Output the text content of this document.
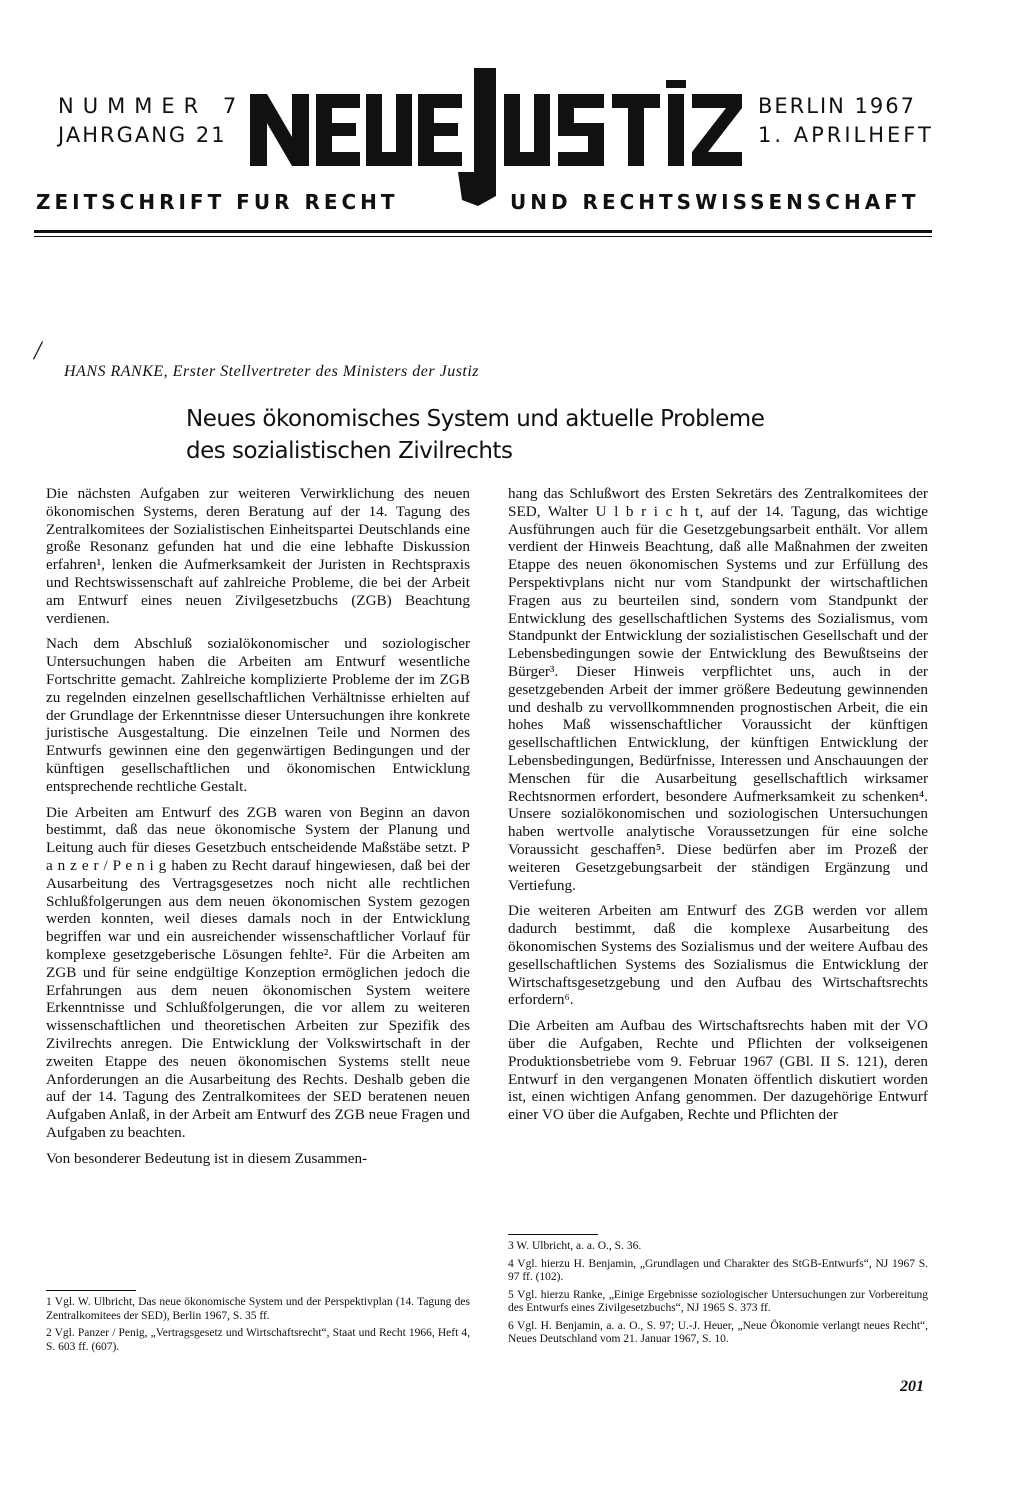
NUMMER 7
JAHRGANG 21
BERLIN 1967
1. APRILHEFT
ZEITSCHRIFT FUR RECHT	UND RECHTSWISSENSCHAFT
/
HANS RANKE, Erster Stellvertreter des Ministers der Justiz
Neues ökonomisches System und aktuelle Probleme
des sozialistischen Zivilrechts

Die nächsten Aufgaben zur weiteren Verwirklichung des neuen ökonomischen Systems, deren Beratung auf der 14. Tagung des Zentralkomitees der Sozialistischen Einheitspartei Deutschlands eine große Resonanz gefunden hat und die eine lebhafte Diskussion erfahren¹, lenken die Aufmerksamkeit der Juristen in Rechtspraxis und Rechtswissenschaft auf zahlreiche Probleme, die bei der Arbeit am Entwurf eines neuen Zivilgesetzbuchs (ZGB) Beachtung verdienen.

Nach dem Abschluß sozialökonomischer und soziologischer Untersuchungen haben die Arbeiten am Entwurf wesentliche Fortschritte gemacht. Zahlreiche komplizierte Probleme der im ZGB zu regelnden einzelnen gesellschaftlichen Verhältnisse erhielten auf der Grundlage der Erkenntnisse dieser Untersuchungen ihre konkrete juristische Ausgestaltung. Die einzelnen Teile und Normen des Entwurfs gewinnen eine den gegenwärtigen Bedingungen und der künftigen gesellschaftlichen und ökonomischen Entwicklung entsprechende rechtliche Gestalt.

Die Arbeiten am Entwurf des ZGB waren von Beginn an davon bestimmt, daß das neue ökonomische System der Planung und Leitung auch für dieses Gesetzbuch entscheidende Maßstäbe setzt. P a n z e r / P e n i g haben zu Recht darauf hingewiesen, daß bei der Ausarbeitung des Vertragsgesetzes noch nicht alle rechtlichen Schlußfolgerungen aus dem neuen ökonomischen System gezogen werden konnten, weil dieses damals noch in der Entwicklung begriffen war und ein ausreichender wissenschaftlicher Vorlauf für komplexe gesetzgeberische Lösungen fehlte². Für die Arbeiten am ZGB und für seine endgültige Konzeption ermöglichen jedoch die Erfahrungen aus dem neuen ökonomischen System weitere Erkenntnisse und Schlußfolgerungen, die vor allem zu weiteren wissenschaftlichen und theoretischen Arbeiten zur Spezifik des Zivilrechts anregen. Die Entwicklung der Volkswirtschaft in der zweiten Etappe des neuen ökonomischen Systems stellt neue Anforderungen an die Ausarbeitung des Rechts. Deshalb geben die auf der 14. Tagung des Zentralkomitees der SED beratenen neuen Aufgaben Anlaß, in der Arbeit am Entwurf des ZGB neue Fragen und Aufgaben zu beachten.

Von besonderer Bedeutung ist in diesem Zusammen-

hang das Schlußwort des Ersten Sekretärs des Zentralkomitees der SED, Walter U l b r i c h t, auf der 14. Tagung, das wichtige Ausführungen auch für die Gesetzgebungsarbeit enthält. Vor allem verdient der Hinweis Beachtung, daß alle Maßnahmen der zweiten Etappe des neuen ökonomischen Systems und zur Erfüllung des Perspektivplans nicht nur vom Standpunkt der wirtschaftlichen Fragen aus zu beurteilen sind, sondern vom Standpunkt der Entwicklung des gesellschaftlichen Systems des Sozialismus, vom Standpunkt der Entwicklung der sozialistischen Gesellschaft und der Lebensbedingungen sowie der Entwicklung des Bewußtseins der Bürger³. Dieser Hinweis verpflichtet uns, auch in der gesetzgebenden Arbeit der immer größere Bedeutung gewinnenden und deshalb zu vervollkommnenden prognostischen Arbeit, die ein hohes Maß wissenschaftlicher Voraussicht der künftigen gesellschaftlichen Entwicklung, der künftigen Entwicklung der Lebensbedingungen, Bedürfnisse, Interessen und Anschauungen der Menschen für die Ausarbeitung gesellschaftlich wirksamer Rechtsnormen erfordert, besondere Aufmerksamkeit zu schenken⁴. Unsere sozialökonomischen und soziologischen Untersuchungen haben wertvolle analytische Voraussetzungen für eine solche Voraussicht geschaffen⁵. Diese bedürfen aber im Prozeß der weiteren Gesetzgebungsarbeit der ständigen Ergänzung und Vertiefung.

Die weiteren Arbeiten am Entwurf des ZGB werden vor allem dadurch bestimmt, daß die komplexe Ausarbeitung des ökonomischen Systems des Sozialismus und der weitere Aufbau des gesellschaftlichen Systems des Sozialismus die Entwicklung der Wirtschaftsgesetzgebung und den Aufbau des Wirtschaftsrechts erfordern⁶.

Die Arbeiten am Aufbau des Wirtschaftsrechts haben mit der VO über die Aufgaben, Rechte und Pflichten der volkseigenen Produktionsbetriebe vom 9. Februar 1967 (GBl. II S. 121), deren Entwurf in den vergangenen Monaten öffentlich diskutiert worden ist, einen wichtigen Anfang genommen. Der dazugehörige Entwurf einer VO über die Aufgaben, Rechte und Pflichten der

1 Vgl. W. Ulbricht, Das neue ökonomische System und der Perspektivplan (14. Tagung des Zentralkomitees der SED), Berlin 1967, S. 35 ff.

2 Vgl. Panzer / Penig, „Vertragsgesetz und Wirtschaftsrecht“, Staat und Recht 1966, Heft 4, S. 603 ff. (607).

3 W. Ulbricht, a. a. O., S. 36.

4 Vgl. hierzu H. Benjamin, „Grundlagen und Charakter des StGB-Entwurfs“, NJ 1967 S. 97 ff. (102).

5 Vgl. hierzu Ranke, „Einige Ergebnisse soziologischer Untersuchungen zur Vorbereitung des Entwurfs eines Zivilgesetzbuchs“, NJ 1965 S. 373 ff.

6 Vgl. H. Benjamin, a. a. O., S. 97; U.-J. Heuer, „Neue Ökonomie verlangt neues Recht“, Neues Deutschland vom 21. Januar 1967, S. 10.

201
